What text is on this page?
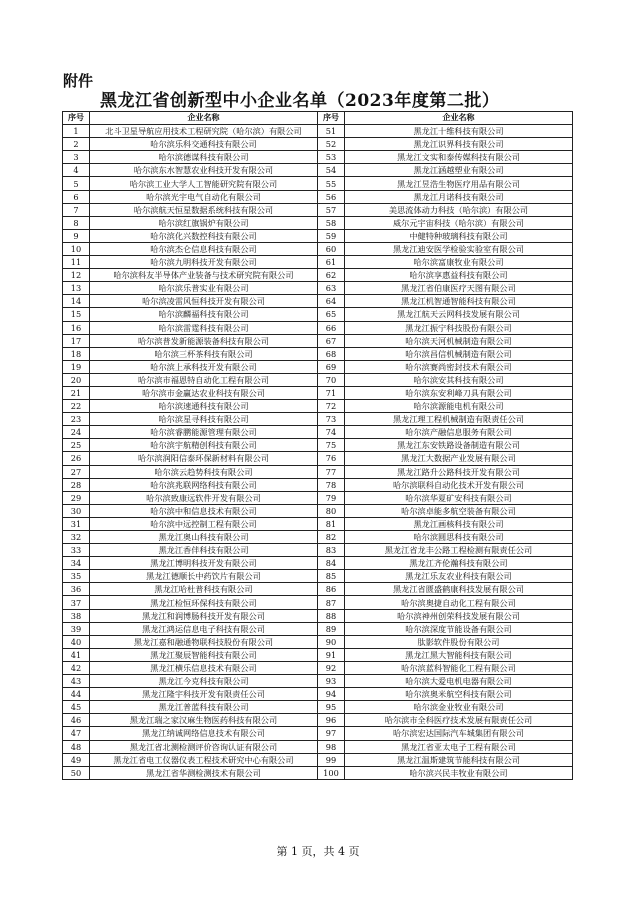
附件
黑龙江省创新型中小企业名单（2023年度第二批）
序号	企业名称	序号	企业名称
1	北斗卫星导航应用技术工程研究院（哈尔滨）有限公司	51	黑龙江十维科技有限公司
2	哈尔滨乐科交通科技有限公司	52	黑龙江识界科技有限公司
3	哈尔滨德谋科技有限公司	53	黑龙江文实和泰传媒科技有限公司
4	哈尔滨东水智慧农业科技开发有限公司	54	黑龙江涵越塑业有限公司
5	哈尔滨工业大学人工智能研究院有限公司	55	黑龙江昱浩生物医疗用品有限公司
6	哈尔滨光宇电气自动化有限公司	56	黑龙江月诺科技有限公司
7	哈尔滨航天恒星数据系统科技有限公司	57	美思流体动力科技（哈尔滨）有限公司
8	哈尔滨红旗锅炉有限公司	58	威尔元宇宙科技（哈尔滨）有限公司
9	哈尔滨化兴数控科技有限公司	59	中健特种玻璃科技有限公司
10	哈尔滨杰仑信息科技有限公司	60	黑龙江迪安医学检验实验室有限公司
11	哈尔滨九明科技开发有限公司	61	哈尔滨富康牧业有限公司
12	哈尔滨科友半导体产业装备与技术研究院有限公司	62	哈尔滨享惠益科技有限公司
13	哈尔滨乐普实业有限公司	63	黑龙江省伯康医疗天图有限公司
14	哈尔滨凌雷风恒科技开发有限公司	64	黑龙江机智通智能科技有限公司
15	哈尔滨麟福科技有限公司	65	黑龙江航天云网科技发展有限公司
16	哈尔滨雷霆科技有限公司	66	黑龙江振宁科技股份有限公司
17	哈尔滨普发新能源装备科技有限公司	67	哈尔滨天河机械制造有限公司
18	哈尔滨三杯茶科技有限公司	68	哈尔滨昌信机械制造有限公司
19	哈尔滨上承科技开发有限公司	69	哈尔滨赛尚密封技术有限公司
20	哈尔滨市福恩特自动化工程有限公司	70	哈尔滨安其科技有限公司
21	哈尔滨市金赢达农业科技有限公司	71	哈尔滨东安利峰刀具有限公司
22	哈尔滨速通科技有限公司	72	哈尔滨源能电机有限公司
23	哈尔滨星寻科技有限公司	73	黑龙江理工程机械制造有限责任公司
24	哈尔滨睿鹏能源管理有限公司	74	哈尔滨产融信息服务有限公司
25	哈尔滨宇航精创科技有限公司	75	黑龙江东安铁路设备制造有限公司
26	哈尔滨润阳信泰环保新材料有限公司	76	黑龙江大数据产业发展有限公司
27	哈尔滨云趋势科技有限公司	77	黑龙江路升公路科技开发有限公司
28	哈尔滨兆联网络科技有限公司	78	哈尔滨联科自动化技术开发有限公司
29	哈尔滨致康远软件开发有限公司	79	哈尔滨华夏矿安科技有限公司
30	哈尔滨中和信息技术有限公司	80	哈尔滨卓能多航空装备有限公司
31	哈尔滨中远控制工程有限公司	81	黑龙江画核科技有限公司
32	黑龙江奥山科技有限公司	82	哈尔滨圆思科技有限公司
33	黑龙江香伴科技有限公司	83	黑龙江省龙丰公路工程检测有限责任公司
34	黑龙江博明科技开发有限公司	84	黑龙江齐伦瀚科技有限公司
35	黑龙江德顺长中药饮片有限公司	85	黑龙江乐友农业科技有限公司
36	黑龙江哈杜普科技有限公司	86	黑龙江省匮盛鹤康科技发展有限公司
37	黑龙江检恒环保科技有限公司	87	哈尔滨奥捷自动化工程有限公司
38	黑龙江和润博肠科技开发有限公司	88	哈尔滨神州创荣科技发展有限公司
39	黑龙江鸿运信息电子科技有限公司	89	哈尔滨深度节能设备有限公司
40	黑龙江嘉和融通物联科技股份有限公司	90	肽影软件股份有限公司
41	黑龙江聚辰智能科技有限公司	91	黑龙江黑大智能科技有限公司
42	黑龙江横乐信息技术有限公司	92	哈尔滨蓝科智能化工程有限公司
43	黑龙江今克科技有限公司	93	哈尔滨大爱电机电器有限公司
44	黑龙江隆宇科技开发有限责任公司	94	哈尔滨奥米航空科技有限公司
45	黑龙江普蓝科技有限公司	95	哈尔滨金业牧业有限公司
46	黑龙江瑞之家汉麻生物医药科技有限公司	96	哈尔滨市全科医疗技术发展有限责任公司
47	黑龙江纳诚网络信息技术有限公司	97	哈尔滨宏达国际汽车城集团有限公司
48	黑龙江省北测检测评价咨询认证有限公司	98	黑龙江省亚太电子工程有限公司
49	黑龙江省电工仪器仪表工程技术研究中心有限公司	99	黑龙江温斯建筑节能科技有限公司
50	黑龙江省华测检测技术有限公司	100	哈尔滨兴民丰牧业有限公司
第 1 页，共 4 页
